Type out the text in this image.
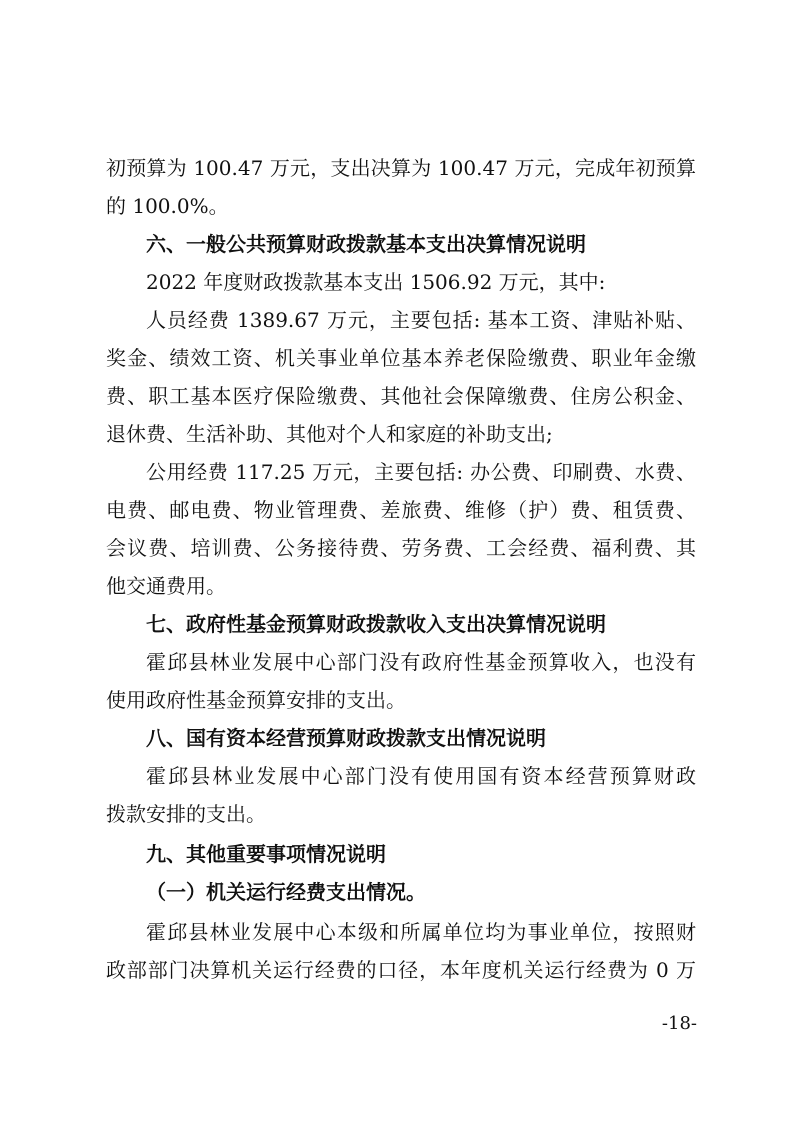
初预算为 100.47 万元，支出决算为 100.47 万元，完成年初预算
的 100.0%。
六、一般公共预算财政拨款基本支出决算情况说明
2022 年度财政拨款基本支出 1506.92 万元，其中:
人员经费 1389.67 万元，主要包括: 基本工资、津贴补贴、
奖金、绩效工资、机关事业单位基本养老保险缴费、职业年金缴
费、职工基本医疗保险缴费、其他社会保障缴费、住房公积金、
退休费、生活补助、其他对个人和家庭的补助支出;
公用经费 117.25 万元，主要包括: 办公费、印刷费、水费、
电费、邮电费、物业管理费、差旅费、维修（护）费、租赁费、
会议费、培训费、公务接待费、劳务费、工会经费、福利费、其
他交通费用。
七、政府性基金预算财政拨款收入支出决算情况说明
霍邱县林业发展中心部门没有政府性基金预算收入，也没有
使用政府性基金预算安排的支出。
八、国有资本经营预算财政拨款支出情况说明
霍邱县林业发展中心部门没有使用国有资本经营预算财政
拨款安排的支出。
九、其他重要事项情况说明
（一）机关运行经费支出情况。
霍邱县林业发展中心本级和所属单位均为事业单位，按照财
政部部门决算机关运行经费的口径，本年度机关运行经费为 0 万
-18-
